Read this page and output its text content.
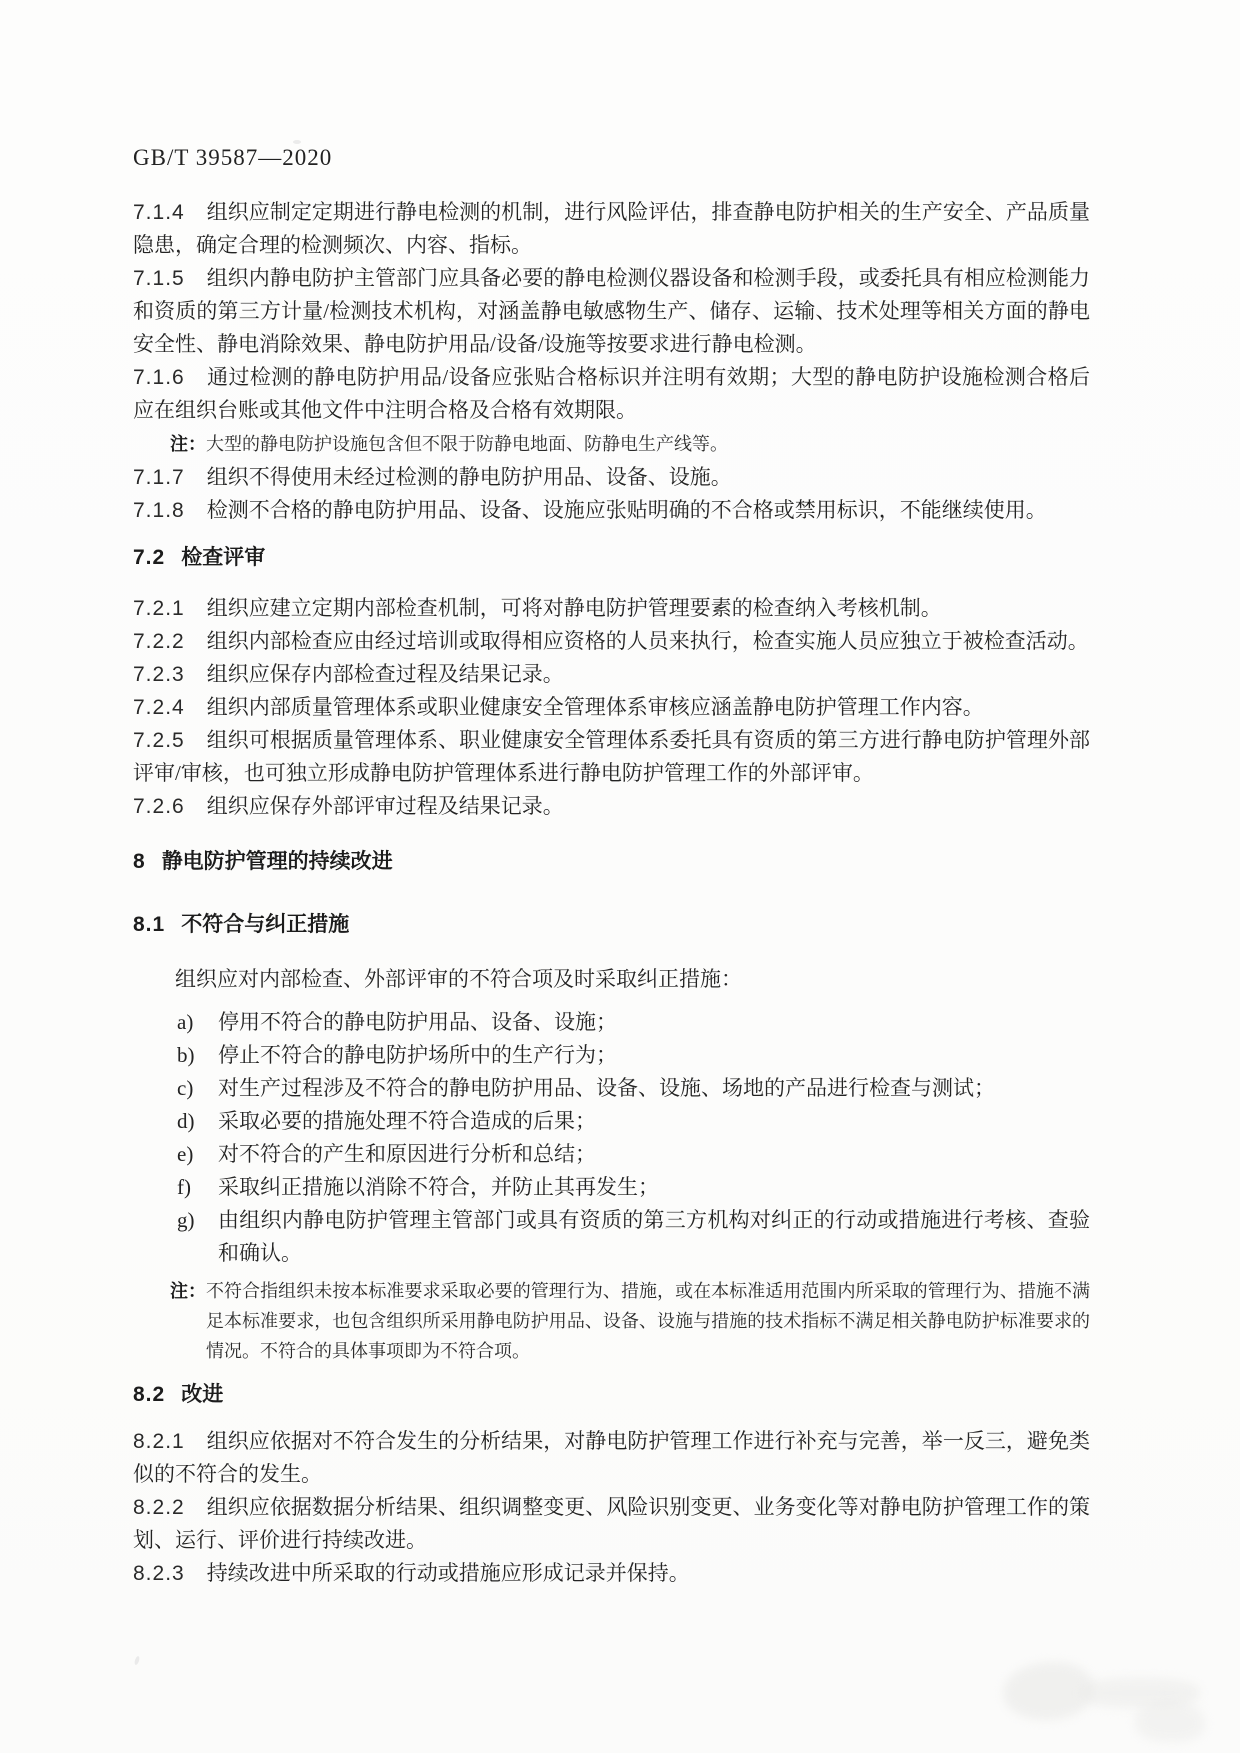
GB/T 39587—2020

7.1.4 组织应制定定期进行静电检测的机制，进行风险评估，排查静电防护相关的生产安全、产品质量隐患，确定合理的检测频次、内容、指标。

7.1.5 组织内静电防护主管部门应具备必要的静电检测仪器设备和检测手段，或委托具有相应检测能力和资质的第三方计量/检测技术机构，对涵盖静电敏感物生产、储存、运输、技术处理等相关方面的静电安全性、静电消除效果、静电防护用品/设备/设施等按要求进行静电检测。

7.1.6 通过检测的静电防护用品/设备应张贴合格标识并注明有效期；大型的静电防护设施检测合格后应在组织台账或其他文件中注明合格及合格有效期限。

注： 大型的静电防护设施包含但不限于防静电地面、防静电生产线等。

7.1.7 组织不得使用未经过检测的静电防护用品、设备、设施。

7.1.8 检测不合格的静电防护用品、设备、设施应张贴明确的不合格或禁用标识，不能继续使用。

7.2 检查评审

7.2.1 组织应建立定期内部检查机制，可将对静电防护管理要素的检查纳入考核机制。

7.2.2 组织内部检查应由经过培训或取得相应资格的人员来执行，检查实施人员应独立于被检查活动。

7.2.3 组织应保存内部检查过程及结果记录。

7.2.4 组织内部质量管理体系或职业健康安全管理体系审核应涵盖静电防护管理工作内容。

7.2.5 组织可根据质量管理体系、职业健康安全管理体系委托具有资质的第三方进行静电防护管理外部评审/审核，也可独立形成静电防护管理体系进行静电防护管理工作的外部评审。

7.2.6 组织应保存外部评审过程及结果记录。

8 静电防护管理的持续改进
8.1 不符合与纠正措施

组织应对内部检查、外部评审的不符合项及时采取纠正措施：

a)	停用不符合的静电防护用品、设备、设施；
b)	停止不符合的静电防护场所中的生产行为；
c)	对生产过程涉及不符合的静电防护用品、设备、设施、场地的产品进行检查与测试；
d)	采取必要的措施处理不符合造成的后果；
e)	对不符合的产生和原因进行分析和总结；
f)	采取纠正措施以消除不符合，并防止其再发生；
g)	由组织内静电防护管理主管部门或具有资质的第三方机构对纠正的行动或措施进行考核、查验和确认。
注： 不符合指组织未按本标准要求采取必要的管理行为、措施，或在本标准适用范围内所采取的管理行为、措施不满足本标准要求，也包含组织所采用静电防护用品、设备、设施与措施的技术指标不满足相关静电防护标准要求的情况。不符合的具体事项即为不符合项。
8.2 改进

8.2.1 组织应依据对不符合发生的分析结果，对静电防护管理工作进行补充与完善，举一反三，避免类似的不符合的发生。

8.2.2 组织应依据数据分析结果、组织调整变更、风险识别变更、业务变化等对静电防护管理工作的策划、运行、评价进行持续改进。

8.2.3 持续改进中所采取的行动或措施应形成记录并保持。
